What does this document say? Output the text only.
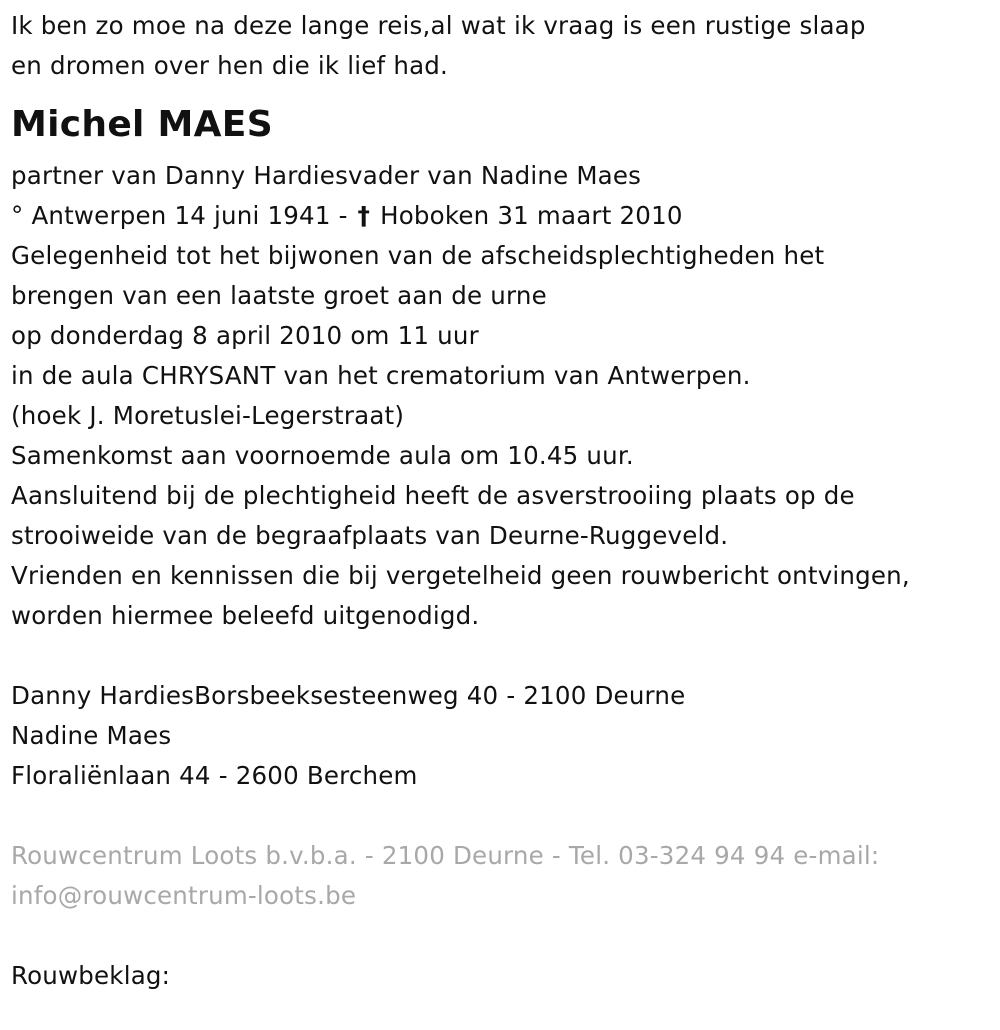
Ik ben zo moe na deze lange reis,al wat ik vraag is een rustige slaap
en dromen over hen die ik lief had.
Michel MAES
partner van Danny Hardiesvader van Nadine Maes
° Antwerpen 14 juni 1941 - † Hoboken 31 maart 2010
Gelegenheid tot het bijwonen van de afscheidsplechtigheden het
brengen van een laatste groet aan de urne
op donderdag 8 april 2010 om 11 uur
in de aula CHRYSANT van het crematorium van Antwerpen.
(hoek J. Moretuslei-Legerstraat)
Samenkomst aan voornoemde aula om 10.45 uur.
Aansluitend bij de plechtigheid heeft de asverstrooiing plaats op de
strooiweide van de begraafplaats van Deurne-Ruggeveld.
Vrienden en kennissen die bij vergetelheid geen rouwbericht ontvingen,
worden hiermee beleefd uitgenodigd.
Danny HardiesBorsbeeksesteenweg 40 - 2100 Deurne
Nadine Maes
Floraliënlaan 44 - 2600 Berchem
Rouwcentrum Loots b.v.b.a. - 2100 Deurne - Tel. 03-324 94 94 e-mail:
info@rouwcentrum-loots.be
Rouwbeklag:
